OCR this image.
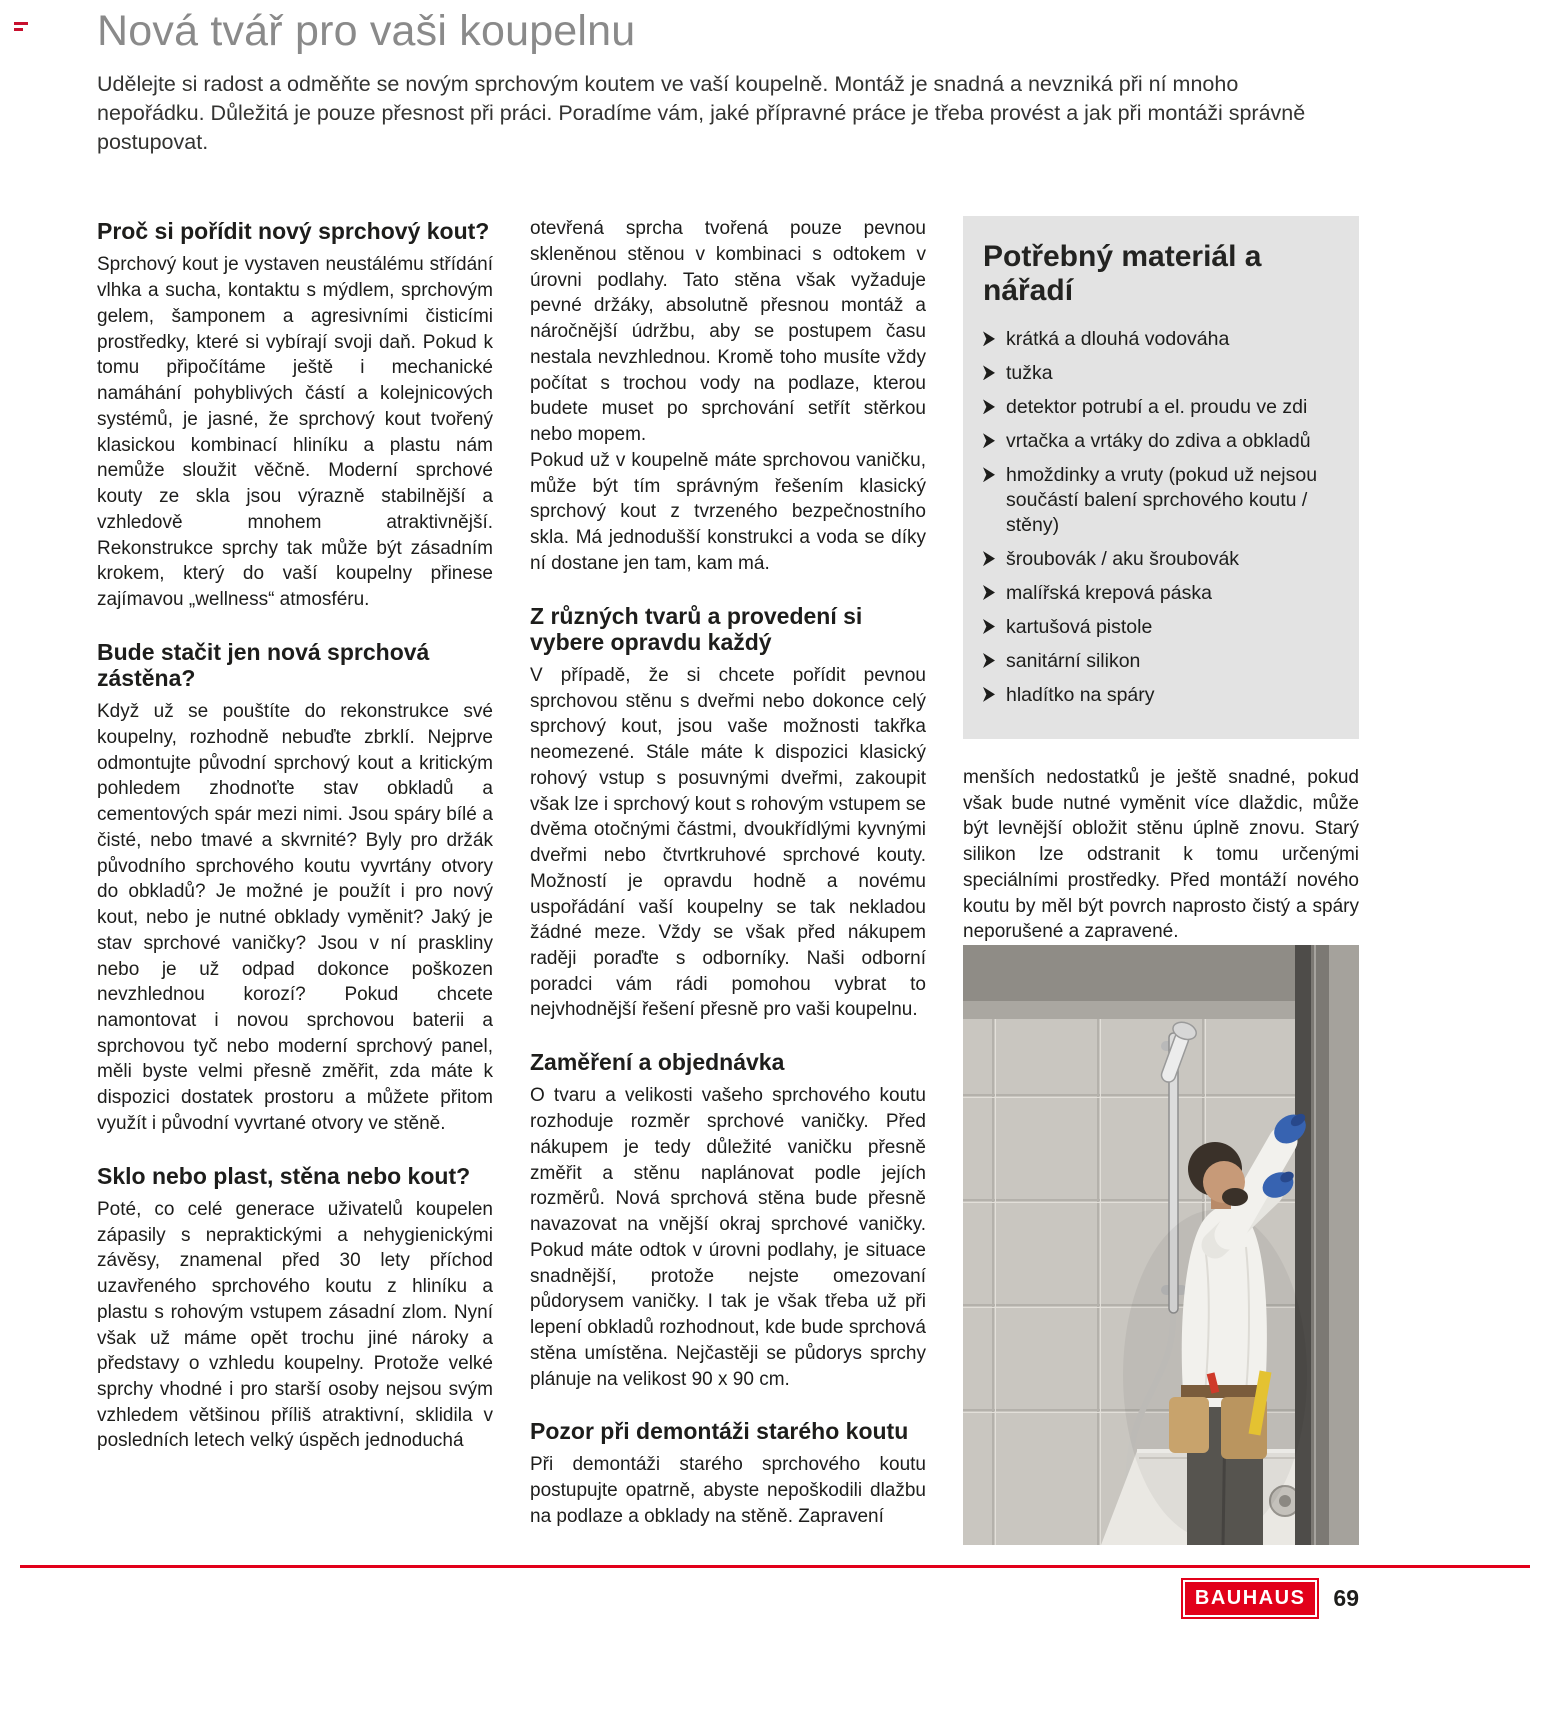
Nová tvář pro vaši koupelnu

Udělejte si radost a odměňte se novým sprchovým koutem ve vaší koupelně. Montáž je snadná a nevzniká při ní mnoho nepořádku. Důležitá je pouze přesnost při práci. Poradíme vám, jaké přípravné práce je třeba provést a jak při montáži správně postupovat.

Proč si pořídit nový sprchový kout?

Sprchový kout je vystaven neustálému střídání vlhka a sucha, kontaktu s mýdlem, sprchovým gelem, šamponem a agresivními čisticími prostředky, které si vybírají svoji daň. Pokud k tomu připočítáme ještě i mechanické namáhání pohyblivých částí a kolejnicových systémů, je jasné, že sprchový kout tvořený klasickou kombinací hliníku a plastu nám nemůže sloužit věčně. Moderní sprchové kouty ze skla jsou výrazně stabilnější a vzhledově mnohem atraktivnější. Rekonstrukce sprchy tak může být zásadním krokem, který do vaší koupelny přinese zajímavou „wellness“ atmosféru.

Bude stačit jen nová sprchová zástěna?

Když už se pouštíte do rekonstrukce své koupelny, rozhodně nebuďte zbrklí. Nejprve odmontujte původní sprchový kout a kritickým pohledem zhodnoťte stav obkladů a cementových spár mezi nimi. Jsou spáry bílé a čisté, nebo tmavé a skvrnité? Byly pro držák původního sprchového koutu vyvrtány otvory do obkladů? Je možné je použít i pro nový kout, nebo je nutné obklady vyměnit? Jaký je stav sprchové vaničky? Jsou v ní praskliny nebo je už odpad dokonce poškozen nevzhlednou korozí? Pokud chcete namontovat i novou sprchovou baterii a sprchovou tyč nebo moderní sprchový panel, měli byste velmi přesně změřit, zda máte k dispozici dostatek prostoru a můžete přitom využít i původní vyvrtané otvory ve stěně.

Sklo nebo plast, stěna nebo kout?

Poté, co celé generace uživatelů koupelen zápasily s nepraktickými a nehygienickými závěsy, znamenal před 30 lety příchod uzavřeného sprchového koutu z hliníku a plastu s rohovým vstupem zásadní zlom. Nyní však už máme opět trochu jiné nároky a představy o vzhledu koupelny. Protože velké sprchy vhodné i pro starší osoby nejsou svým vzhledem většinou příliš atraktivní, sklidila v posledních letech velký úspěch jednoduchá

otevřená sprcha tvořená pouze pevnou skleněnou stěnou v kombinaci s odtokem v úrovni podlahy. Tato stěna však vyžaduje pevné držáky, absolutně přesnou montáž a náročnější údržbu, aby se postupem času nestala nevzhlednou. Kromě toho musíte vždy počítat s trochou vody na podlaze, kterou budete muset po sprchování setřít stěrkou nebo mopem.

Pokud už v koupelně máte sprchovou vaničku, může být tím správným řešením klasický sprchový kout z tvrzeného bezpečnostního skla. Má jednodušší konstrukci a voda se díky ní dostane jen tam, kam má.

Z různých tvarů a provedení si vybere opravdu každý

V případě, že si chcete pořídit pevnou sprchovou stěnu s dveřmi nebo dokonce celý sprchový kout, jsou vaše možnosti takřka neomezené. Stále máte k dispozici klasický rohový vstup s posuvnými dveřmi, zakoupit však lze i sprchový kout s rohovým vstupem se dvěma otočnými částmi, dvoukřídlými kyvnými dveřmi nebo čtvrtkruhové sprchové kouty. Možností je opravdu hodně a novému uspořádání vaší koupelny se tak nekladou žádné meze. Vždy se však před nákupem raději poraďte s odborníky. Naši odborní poradci vám rádi pomohou vybrat to nejvhodnější řešení přesně pro vaši koupelnu.

Zaměření a objednávka

O tvaru a velikosti vašeho sprchového koutu rozhoduje rozměr sprchové vaničky. Před nákupem je tedy důležité vaničku přesně změřit a stěnu naplánovat podle jejích rozměrů. Nová sprchová stěna bude přesně navazovat na vnější okraj sprchové vaničky. Pokud máte odtok v úrovni podlahy, je situace snadnější, protože nejste omezovaní půdorysem vaničky. I tak je však třeba už při lepení obkladů rozhodnout, kde bude sprchová stěna umístěna. Nejčastěji se půdorys sprchy plánuje na velikost 90 x 90 cm.

Pozor při demontáži starého koutu

Při demontáži starého sprchového koutu postupujte opatrně, abyste nepoškodili dlažbu na podlaze a obklady na stěně. Zapravení

Potřebný materiál a nářadí
krátká a dlouhá vodováha
tužka
detektor potrubí a el. proudu ve zdi
vrtačka a vrtáky do zdiva a obkladů
hmoždinky a vruty (pokud už nejsou součástí balení sprchového koutu / stěny)
šroubovák / aku šroubovák
malířská krepová páska
kartušová pistole
sanitární silikon
hladítko na spáry

menších nedostatků je ještě snadné, pokud však bude nutné vyměnit více dlaždic, může být levnější obložit stěnu úplně znovu. Starý silikon lze odstranit k tomu určenými speciálními prostředky. Před montáží nového koutu by měl být povrch naprosto čistý a spáry neporušené a zapravené.

BAUHAUS	69
